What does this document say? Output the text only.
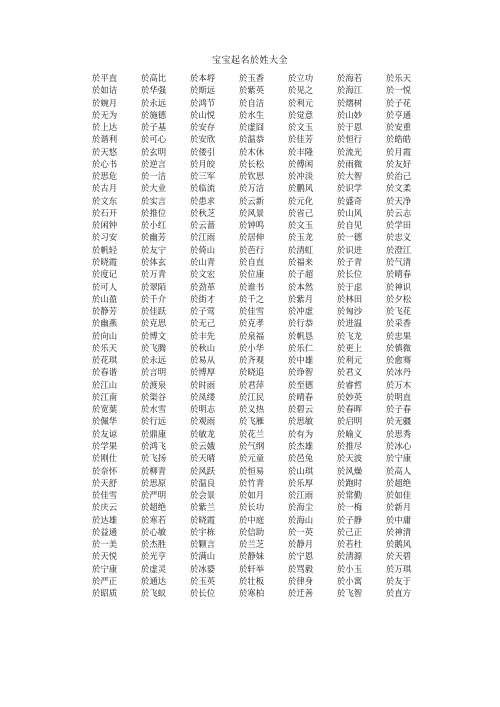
宝宝起名於姓大全
於平直	於高比	於本垿	於玉香	於立功	於海若	於乐天
於如诘	於华强	於斯远	於紫英	於见之	於海江	於一悦
於婉月	於永远	於鸿节	於自洁	於利元	於熠树	於子花
於无为	於施德	於山悦	於水生	於觉意	於山妙	於亨通
於上达	於子基	於安存	於虚囧	於文玉	於于恩	於安重
於谐利	於可心	於安欣	於温恭	於佳芳	於恒行	於皓皓
於天悠	於玄明	於倭引	於木休	於丰隆	於流光	於月霞
於心书	於逆言	於月皎	於长松	於傅闲	於雨微	於友好
於思危	於一洁	於三军	於钦思	於冲淡	於大智	於治己
於古月	於大业	於临流	於万洁	於鹏风	於识学	於文柔
於文东	於实言	於患求	於云新	於元化	於盛奇	於天净
於石开	於推位	於秋芝	於风景	於省己	於山风	於云志
於闲钟	於小红	於云蔷	於钟鸣	於文玉	於自见	於学田
於习安	於幽芳	於江雨	於居伸	於玉龙	於一德	於忠义
於帆轻	於友宁	於倚山	於芭行	於清虹	於识进	於澄江
於晓霞	於体玄	於山青	於自直	於福来	於子青	於气清
於度记	於万青	於文宏	於位康	於子超	於长位	於晴春
於可人	於翠陌	於劲革	於谁书	於本然	於于虑	於神识
於山盈	於千介	於街才	於千之	於紫月	於林田	於夕松
於静芳	於佳跃	於子莺	於佳雪	於冲虚	於匈沙	於飞花
於幽燕	於克思	於无己	於克孝	於行恭	於进温	於采香
於向山	於博文	於丰先	於泉福	於帆恳	於飞龙	於忠果
於乐天	於飞腾	於秋山	於小华	於乐仁	於更上	於慎微
於花琪	於永远	於易从	於齐观	於中雄	於利元	於愈骞
於春谐	於言明	於博厚	於晓追	於诤智	於君义	於冰丹
於江山	於渡泉	於时雨	於君萍	於至德	於睿哲	於万木
於江南	於渠谷	於凤缕	於江民	於晴春	於妙英	於明直
於宽葉	於水雪	於明志	於义热	於碧云	於春晖	於子春
於佩华	於行远	於观雨	於飞雁	於思敏	於启明	於无疆
於友谅	於鼎康	於敏龙	於花兰	於有为	於喻义	於思秀
於学果	於鸿飞	於云娥	於气纲	於杰雄	於推尽	於冰心
於刚仕	於飞扬	於天晴	於元童	於邑兔	於天波	於宁康
於奈怀	於柳青	於风跃	於恒易	於山琪	於风燥	於高人
於天舒	於思原	於温良	於竹青	於乐厚	於跑时	於超绝
於佳雪	於严明	於会景	於如月	於江雨	於常勤	於如佳
於庆云	於超绝	於紫兰	於长功	於海尘	於一梅	於新月
於达雄	於寒若	於晓霞	於中庭	於海山	於子静	於中庸
於益通	於心敏	於宇栋	於信助	於一英	於己正	於神清
於一美	於杰胜	於颗言	於兰芝	於静月	於若杜	於鹅风
於天悦	於光亨	於满山	於静妹	於宁恩	於清源	於天碧
於宁康	於虚灵	於冰婆	於轩举	於骂毅	於小玉	於万琪
於严正	於通达	於玉英	於壮板	於律身	於小寓	於友于
於昭质	於飞蚁	於长位	於寒柏	於迁善	於飞智	於直方
